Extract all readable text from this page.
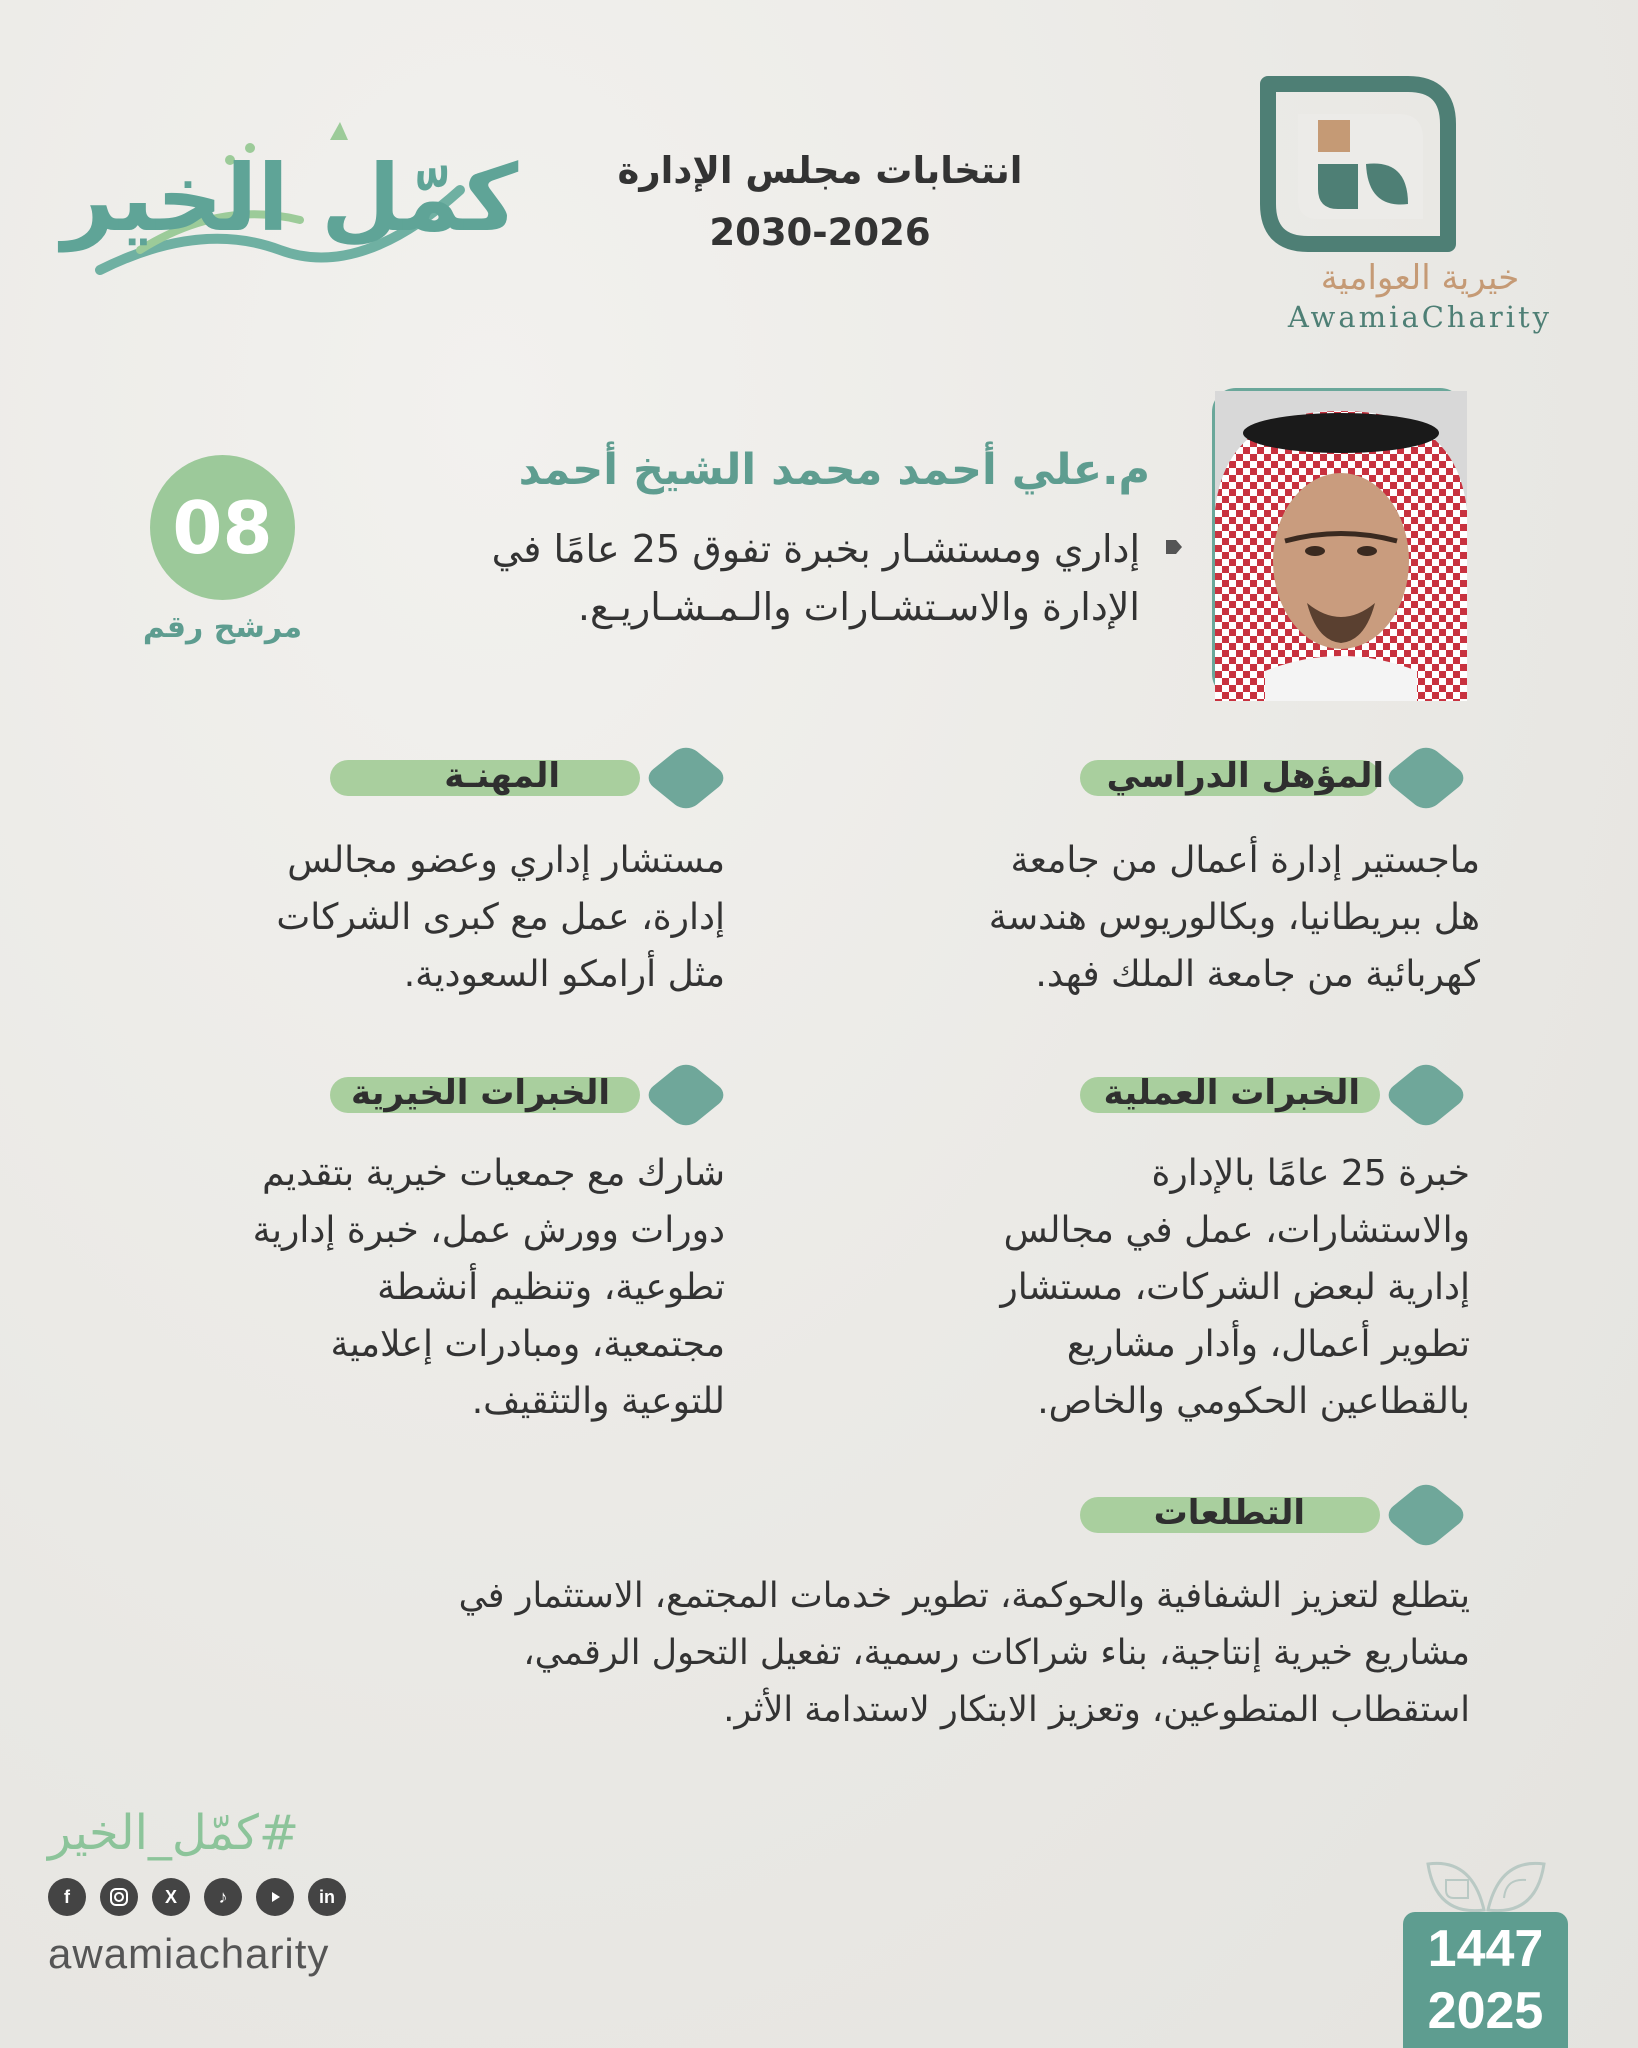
كمّل الخير	انتخابات مجلس الإدارة
2030-2026
خيرية العوامية
AwamiaCharity
م.علي أحمد محمد الشيخ أحمد
إداري ومستشـار بخبرة تفوق 25 عامًا في
الإدارة والاسـتشـارات والـمـشـاريـع.
08
مرشح رقم
المؤهل الدراسي
ماجستير إدارة أعمال من جامعة
هل ببريطانيا، وبكالوريوس هندسة
كهربائية من جامعة الملك فهد.
المهنـة
مستشار إداري وعضو مجالس
إدارة، عمل مع كبرى الشركات
مثل أرامكو السعودية.
الخبرات العملية
خبرة 25 عامًا بالإدارة
والاستشارات، عمل في مجالس
إدارية لبعض الشركات، مستشار
تطوير أعمال، وأدار مشاريع
بالقطاعين الحكومي والخاص.
الخبرات الخيرية
شارك مع جمعيات خيرية بتقديم
دورات وورش عمل، خبرة إدارية
تطوعية، وتنظيم أنشطة
مجتمعية، ومبادرات إعلامية
للتوعية والتثقيف.
التطلعات
يتطلع لتعزيز الشفافية والحوكمة، تطوير خدمات المجتمع، الاستثمار في
مشاريع خيرية إنتاجية، بناء شراكات رسمية، تفعيل التحول الرقمي،
استقطاب المتطوعين، وتعزيز الابتكار لاستدامة الأثر.
#كمّل_الخير
f	X	♪	in
awamiacharity	1447
2025
